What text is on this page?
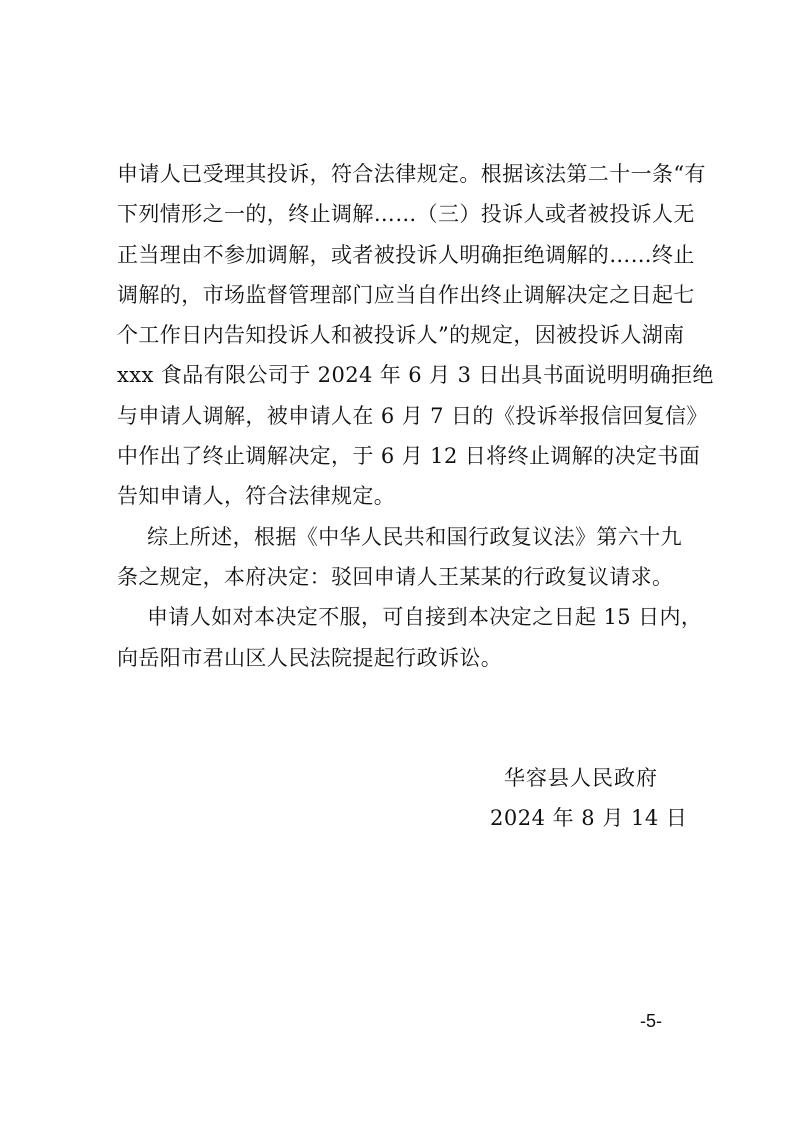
申请人已受理其投诉，符合法律规定。根据该法第二十一条“有
下列情形之一的，终止调解……（三）投诉人或者被投诉人无
正当理由不参加调解，或者被投诉人明确拒绝调解的……终止
调解的，市场监督管理部门应当自作出终止调解决定之日起七
个工作日内告知投诉人和被投诉人”的规定，因被投诉人湖南
xxx 食品有限公司于 2024 年 6 月 3 日出具书面说明明确拒绝
与申请人调解，被申请人在 6 月 7 日的《投诉举报信回复信》
中作出了终止调解决定，于 6 月 12 日将终止调解的决定书面
告知申请人，符合法律规定。
综上所述，根据《中华人民共和国行政复议法》第六十九
条之规定，本府决定：驳回申请人王某某的行政复议请求。
申请人如对本决定不服，可自接到本决定之日起 15 日内，
向岳阳市君山区人民法院提起行政诉讼。
华容县人民政府
2024 年 8 月 14 日
-5-
